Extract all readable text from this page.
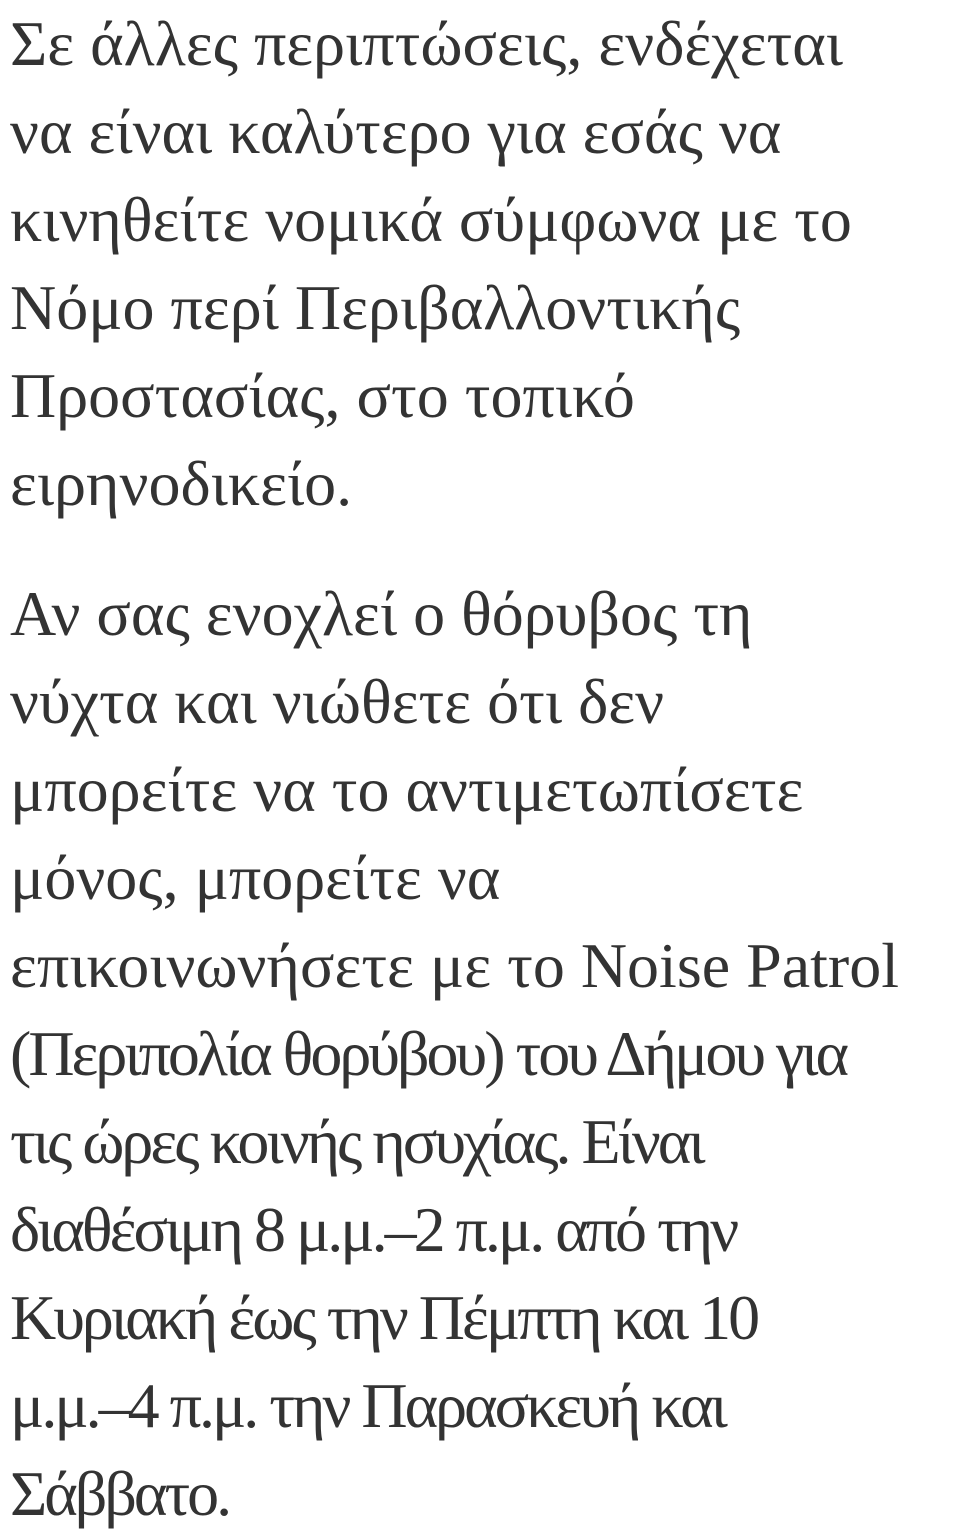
Σε άλλες περιπτώσεις, ενδέχεται
να είναι καλύτερο για εσάς να
κινηθείτε νομικά σύμφωνα με το
Νόμο περί Περιβαλλοντικής
Προστασίας, στο τοπικό
ειρηνοδικείο.
Αν σας ενοχλεί ο θόρυβος τη
νύχτα και νιώθετε ότι δεν
μπορείτε να το αντιμετωπίσετε
μόνος, μπορείτε να
επικοινωνήσετε με το Noise Patrol
(Περιπολία θορύβου) του Δήμου για
τις ώρες κοινής ησυχίας. Είναι
διαθέσιμη 8 μ.μ.–2 π.μ. από την
Κυριακή έως την Πέμπτη και 10
μ.μ.–4 π.μ. την Παρασκευή και
Σάββατο.
